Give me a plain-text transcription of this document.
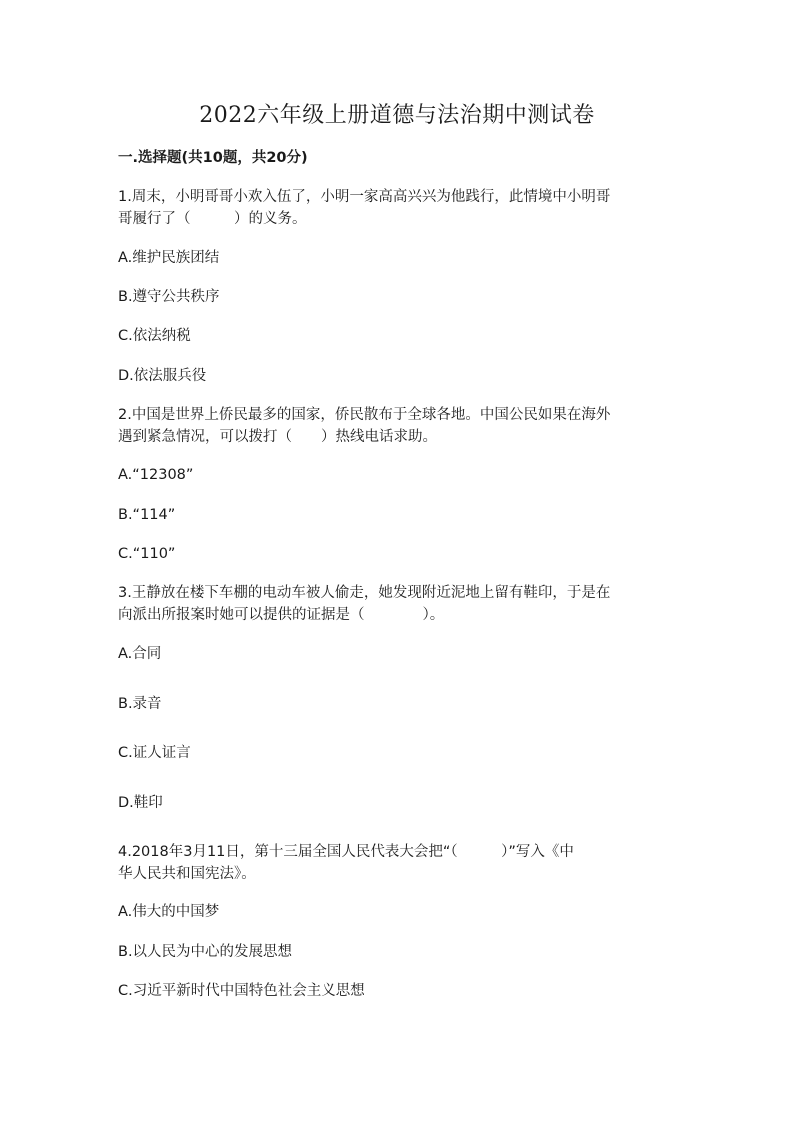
2022六年级上册道德与法治期中测试卷
一.选择题(共10题，共20分)
1.周末，小明哥哥小欢入伍了，小明一家高高兴兴为他践行，此情境中小明哥
哥履行了（　　　）的义务。
A.维护民族团结
B.遵守公共秩序
C.依法纳税
D.依法服兵役
2.中国是世界上侨民最多的国家，侨民散布于全球各地。中国公民如果在海外
遇到紧急情况，可以拨打（　　）热线电话求助。
A.“12308”
B.“114”
C.“110”
3.王静放在楼下车棚的电动车被人偷走，她发现附近泥地上留有鞋印，于是在
向派出所报案时她可以提供的证据是（　　　　）。
A.合同
B.录音
C.证人证言
D.鞋印
4.2018年3月11日，第十三届全国人民代表大会把“（　　　）”写入《中
华人民共和国宪法》。
A.伟大的中国梦
B.以人民为中心的发展思想
C.习近平新时代中国特色社会主义思想
